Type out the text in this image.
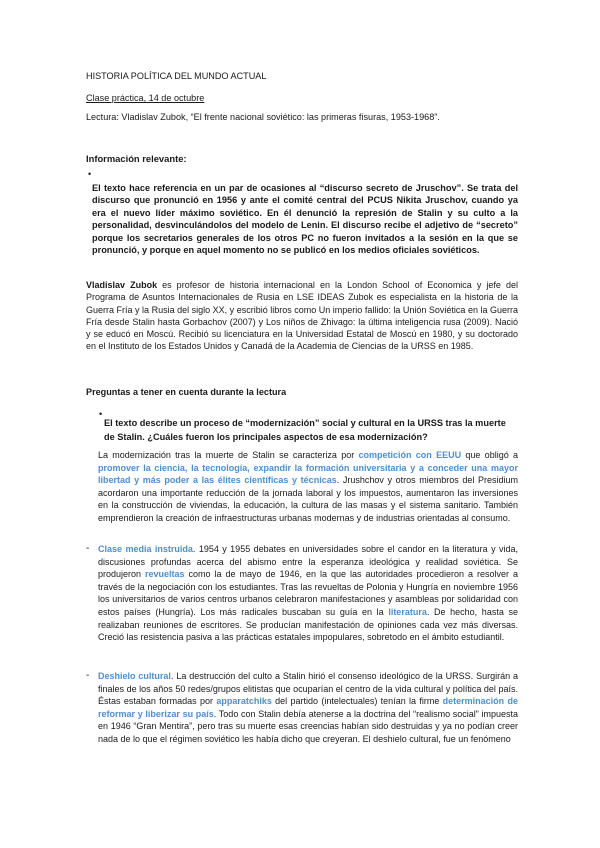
HISTORIA POLÍTICA DEL MUNDO ACTUAL

Clase práctica, 14 de octubre

Lectura: Vladislav Zubok, “El frente nacional soviético: las primeras fisuras, 1953-1968”.

Información relevante:

•

El texto hace referencia en un par de ocasiones al “discurso secreto de Jruschov”. Se trata del discurso que pronunció en 1956 y ante el comité central del PCUS Nikita Jruschov, cuando ya era el nuevo líder máximo soviético. En él denunció la represión de Stalin y su culto a la personalidad, desvinculándolos del modelo de Lenin. El discurso recibe el adjetivo de “secreto” porque los secretarios generales de los otros PC no fueron invitados a la sesión en la que se pronunció, y porque en aquel momento no se publicó en los medios oficiales soviéticos.

Vladislav Zubok es profesor de historia internacional en la London School of Economica y jefe del Programa de Asuntos Internacionales de Rusia en LSE IDEAS Zubok es especialista en la historia de la Guerra Fría y la Rusia del siglo XX, y escribió libros como Un imperio fallido: la Unión Soviética en la Guerra Fría desde Stalin hasta Gorbachov (2007) y Los niños de Zhivago: la última inteligencia rusa (2009). Nació y se educó en Moscú. Recibió su licenciatura en la Universidad Estatal de Moscú en 1980, y su doctorado en el Instituto de los Estados Unidos y Canadá de la Academia de Ciencias de la URSS en 1985.

Preguntas a tener en cuenta durante la lectura

•

El texto describe un proceso de “modernización” social y cultural en la URSS tras la muerte de Stalin. ¿Cuáles fueron los principales aspectos de esa modernización?

La modernización tras la muerte de Stalin se caracteriza por competición con EEUU que obligó a promover la ciencia, la tecnología, expandir la formación universitaria y a conceder una mayor libertad y más poder a las élites científicas y técnicas. Jrushchov y otros miembros del Presidium acordaron una importante reducción de la jornada laboral y los impuestos, aumentaron las inversiones en la construcción de viviendas, la educación, la cultura de las masas y el sistema sanitario. También emprendieron la creación de infraestructuras urbanas modernas y de industrias orientadas al consumo.

- Clase media instruida. 1954 y 1955 debates en universidades sobre el candor en la literatura y vida, discusiones profundas acerca del abismo entre la esperanza ideológica y realidad soviética. Se produjeron revueltas como la de mayo de 1946, en la que las autoridades procedieron a resolver a través de la negociación con los estudiantes. Tras las revueltas de Polonia y Hungría en noviembre 1956 los universitarios de varios centros urbanos celebraron manifestaciones y asambleas por solidaridad con estos países (Hungría). Los más radicales buscaban su guía en la literatura. De hecho, hasta se realizaban reuniones de escritores. Se producían manifestación de opiniones cada vez más diversas. Creció las resistencia pasiva a las prácticas estatales impopulares, sobretodo en el ámbito estudiantil.

- Deshielo cultural. La destrucción del culto a Stalin hirió el consenso ideológico de la URSS. Surgirán a finales de los años 50 redes/grupos elitistas que ocuparían el centro de la vida cultural y política del país. Éstas estaban formadas por apparatchiks del partido (intelectuales) tenían la firme determinación de reformar y liberizar su país. Todo con Stalin debía atenerse a la doctrina del “realismo social” impuesta en 1946 “Gran Mentira”, pero tras su muerte esas creencias habían sido destruidas y ya no podían creer nada de lo que el régimen soviético les había dicho que creyeran. El deshielo cultural, fue un fenómeno
